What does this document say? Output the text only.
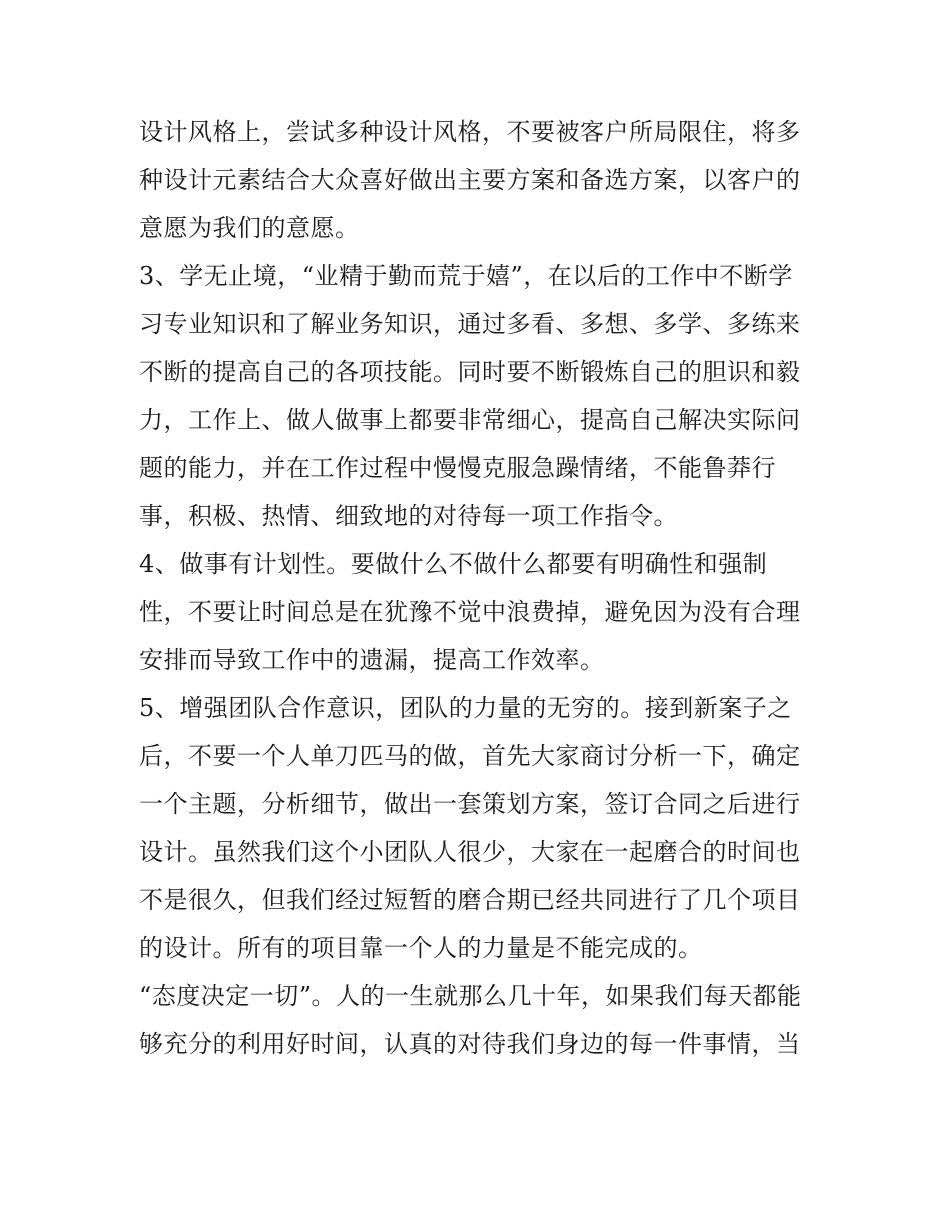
设计风格上，尝试多种设计风格，不要被客户所局限住，将多
种设计元素结合大众喜好做出主要方案和备选方案，以客户的
意愿为我们的意愿。
3、学无止境，“业精于勤而荒于嬉”，在以后的工作中不断学
习专业知识和了解业务知识，通过多看、多想、多学、多练来
不断的提高自己的各项技能。同时要不断锻炼自己的胆识和毅
力，工作上、做人做事上都要非常细心，提高自己解决实际问
题的能力，并在工作过程中慢慢克服急躁情绪，不能鲁莽行
事，积极、热情、细致地的对待每一项工作指令。
4、做事有计划性。要做什么不做什么都要有明确性和强制
性，不要让时间总是在犹豫不觉中浪费掉，避免因为没有合理
安排而导致工作中的遗漏，提高工作效率。
5、增强团队合作意识，团队的力量的无穷的。接到新案子之
后，不要一个人单刀匹马的做，首先大家商讨分析一下，确定
一个主题，分析细节，做出一套策划方案，签订合同之后进行
设计。虽然我们这个小团队人很少，大家在一起磨合的时间也
不是很久，但我们经过短暂的磨合期已经共同进行了几个项目
的设计。所有的项目靠一个人的力量是不能完成的。
“态度决定一切”。人的一生就那么几十年，如果我们每天都能
够充分的利用好时间，认真的对待我们身边的每一件事情，当
